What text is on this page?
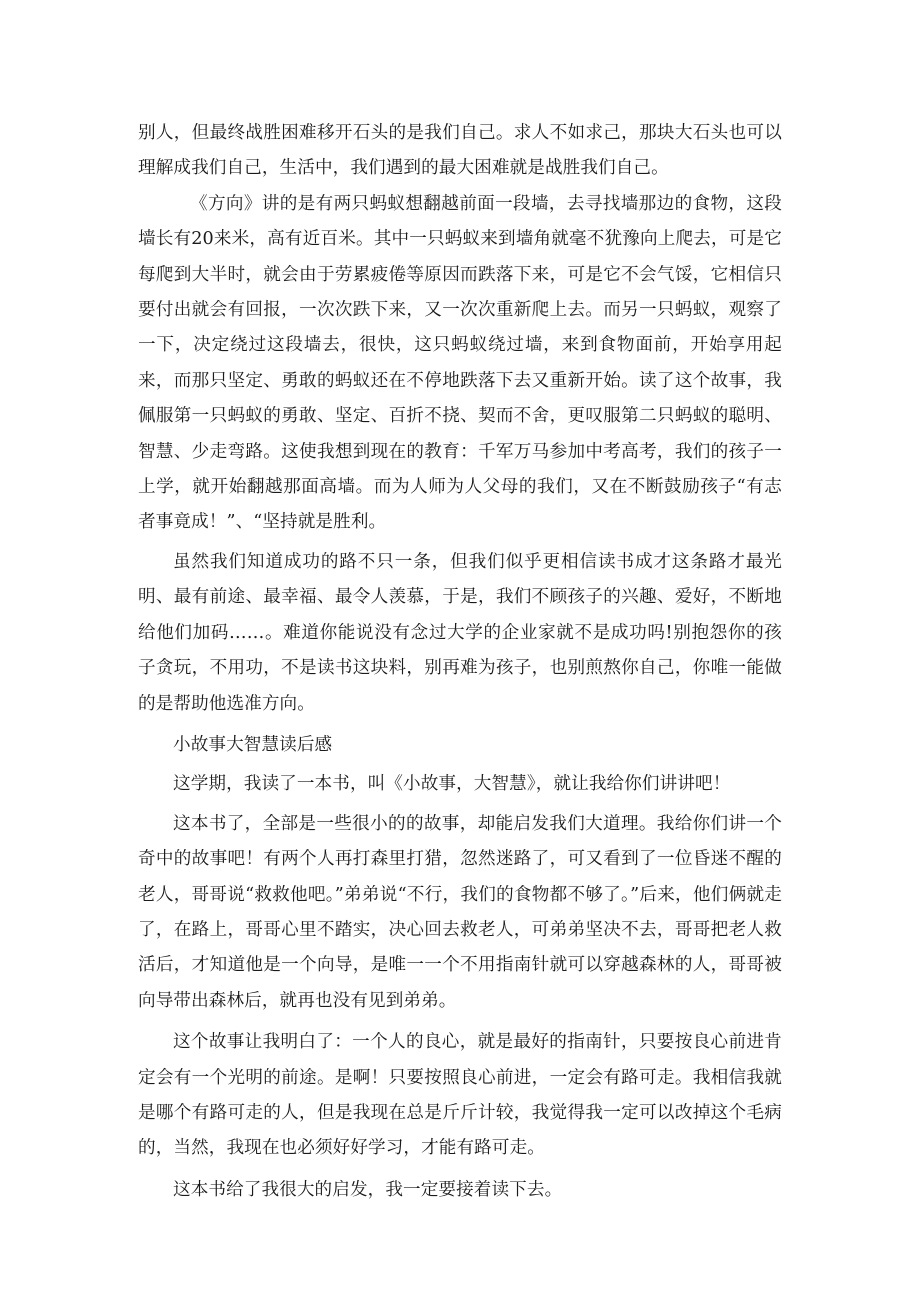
别人，但最终战胜困难移开石头的是我们自己。求人不如求己，那块大石头也可以理解成我们自己，生活中，我们遇到的最大困难就是战胜我们自己。

《方向》讲的是有两只蚂蚁想翻越前面一段墙，去寻找墙那边的食物，这段墙长有20来米，高有近百米。其中一只蚂蚁来到墙角就毫不犹豫向上爬去，可是它每爬到大半时，就会由于劳累疲倦等原因而跌落下来，可是它不会气馁，它相信只要付出就会有回报，一次次跌下来，又一次次重新爬上去。而另一只蚂蚁，观察了一下，决定绕过这段墙去，很快，这只蚂蚁绕过墙，来到食物面前，开始享用起来，而那只坚定、勇敢的蚂蚁还在不停地跌落下去又重新开始。读了这个故事，我佩服第一只蚂蚁的勇敢、坚定、百折不挠、契而不舍，更叹服第二只蚂蚁的聪明、智慧、少走弯路。这使我想到现在的教育：千军万马参加中考高考，我们的孩子一上学，就开始翻越那面高墙。而为人师为人父母的我们，又在不断鼓励孩子“有志者事竟成！”、“坚持就是胜利。

虽然我们知道成功的路不只一条，但我们似乎更相信读书成才这条路才最光明、最有前途、最幸福、最令人羡慕，于是，我们不顾孩子的兴趣、爱好，不断地给他们加码……。难道你能说没有念过大学的企业家就不是成功吗!别抱怨你的孩子贪玩，不用功，不是读书这块料，别再难为孩子，也别煎熬你自己，你唯一能做的是帮助他选准方向。

小故事大智慧读后感

这学期，我读了一本书，叫《小故事，大智慧》，就让我给你们讲讲吧！

这本书了，全部是一些很小的的故事，却能启发我们大道理。我给你们讲一个奇中的故事吧！有两个人再打森里打猎，忽然迷路了，可又看到了一位昏迷不醒的老人，哥哥说“救救他吧。”弟弟说“不行，我们的食物都不够了。”后来，他们俩就走了，在路上，哥哥心里不踏实，决心回去救老人，可弟弟坚决不去，哥哥把老人救活后，才知道他是一个向导，是唯一一个不用指南针就可以穿越森林的人，哥哥被向导带出森林后，就再也没有见到弟弟。

这个故事让我明白了：一个人的良心，就是最好的指南针，只要按良心前进肯定会有一个光明的前途。是啊！只要按照良心前进，一定会有路可走。我相信我就是哪个有路可走的人，但是我现在总是斤斤计较，我觉得我一定可以改掉这个毛病的，当然，我现在也必须好好学习，才能有路可走。

这本书给了我很大的启发，我一定要接着读下去。
